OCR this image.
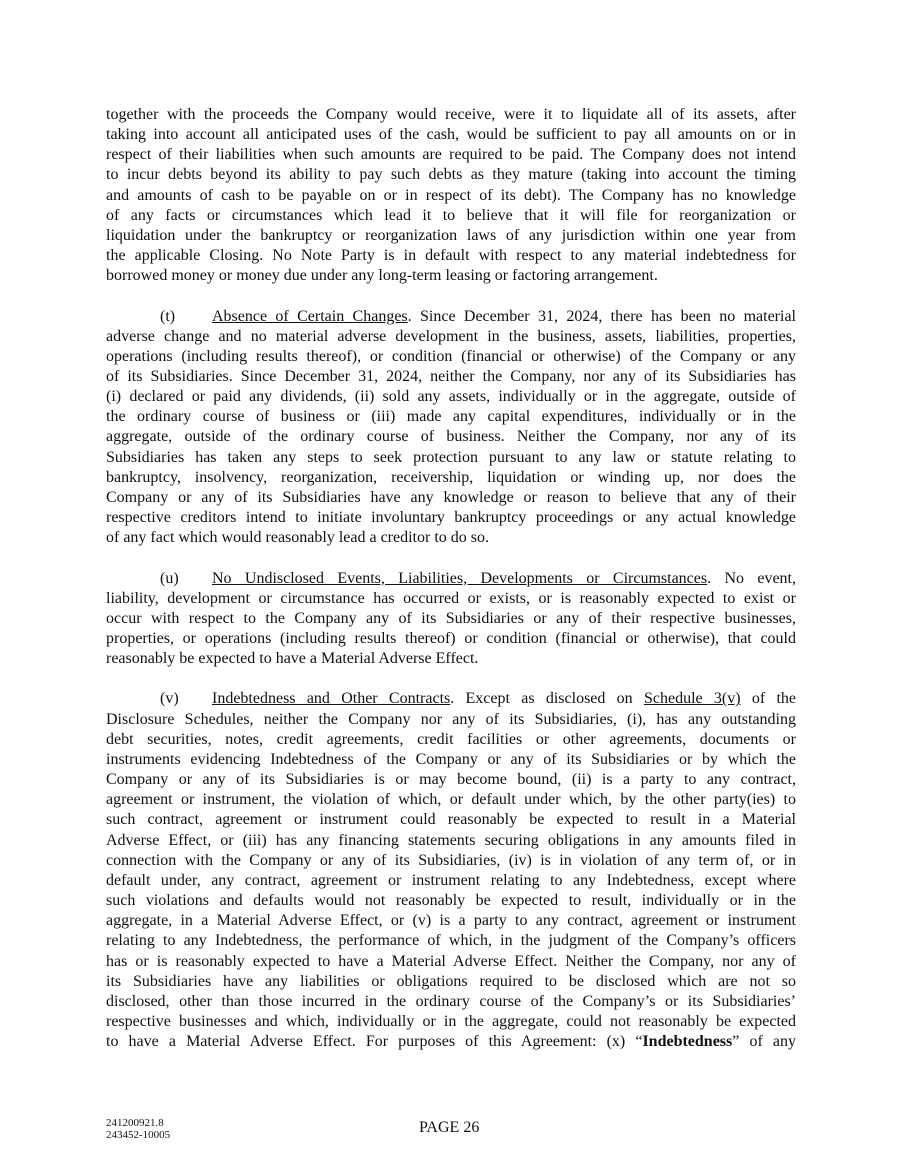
together with the proceeds the Company would receive, were it to liquidate all of its assets, after
taking into account all anticipated uses of the cash, would be sufficient to pay all amounts on or in
respect of their liabilities when such amounts are required to be paid. The Company does not intend
to incur debts beyond its ability to pay such debts as they mature (taking into account the timing
and amounts of cash to be payable on or in respect of its debt). The Company has no knowledge
of any facts or circumstances which lead it to believe that it will file for reorganization or
liquidation under the bankruptcy or reorganization laws of any jurisdiction within one year from
the applicable Closing. No Note Party is in default with respect to any material indebtedness for
borrowed money or money due under any long-term leasing or factoring arrangement.
(t) Absence of Certain Changes. Since December 31, 2024, there has been no material
adverse change and no material adverse development in the business, assets, liabilities, properties,
operations (including results thereof), or condition (financial or otherwise) of the Company or any
of its Subsidiaries. Since December 31, 2024, neither the Company, nor any of its Subsidiaries has
(i) declared or paid any dividends, (ii) sold any assets, individually or in the aggregate, outside of
the ordinary course of business or (iii) made any capital expenditures, individually or in the
aggregate, outside of the ordinary course of business. Neither the Company, nor any of its
Subsidiaries has taken any steps to seek protection pursuant to any law or statute relating to
bankruptcy, insolvency, reorganization, receivership, liquidation or winding up, nor does the
Company or any of its Subsidiaries have any knowledge or reason to believe that any of their
respective creditors intend to initiate involuntary bankruptcy proceedings or any actual knowledge
of any fact which would reasonably lead a creditor to do so.
(u) No Undisclosed Events, Liabilities, Developments or Circumstances. No event,
liability, development or circumstance has occurred or exists, or is reasonably expected to exist or
occur with respect to the Company any of its Subsidiaries or any of their respective businesses,
properties, or operations (including results thereof) or condition (financial or otherwise), that could
reasonably be expected to have a Material Adverse Effect.
(v) Indebtedness and Other Contracts. Except as disclosed on Schedule 3(v) of the
Disclosure Schedules, neither the Company nor any of its Subsidiaries, (i), has any outstanding
debt securities, notes, credit agreements, credit facilities or other agreements, documents or
instruments evidencing Indebtedness of the Company or any of its Subsidiaries or by which the
Company or any of its Subsidiaries is or may become bound, (ii) is a party to any contract,
agreement or instrument, the violation of which, or default under which, by the other party(ies) to
such contract, agreement or instrument could reasonably be expected to result in a Material
Adverse Effect, or (iii) has any financing statements securing obligations in any amounts filed in
connection with the Company or any of its Subsidiaries, (iv) is in violation of any term of, or in
default under, any contract, agreement or instrument relating to any Indebtedness, except where
such violations and defaults would not reasonably be expected to result, individually or in the
aggregate, in a Material Adverse Effect, or (v) is a party to any contract, agreement or instrument
relating to any Indebtedness, the performance of which, in the judgment of the Company’s officers
has or is reasonably expected to have a Material Adverse Effect. Neither the Company, nor any of
its Subsidiaries have any liabilities or obligations required to be disclosed which are not so
disclosed, other than those incurred in the ordinary course of the Company’s or its Subsidiaries’
respective businesses and which, individually or in the aggregate, could not reasonably be expected
to have a Material Adverse Effect. For purposes of this Agreement: (x) “Indebtedness” of any
241200921.8
243452-10005	PAGE 26
